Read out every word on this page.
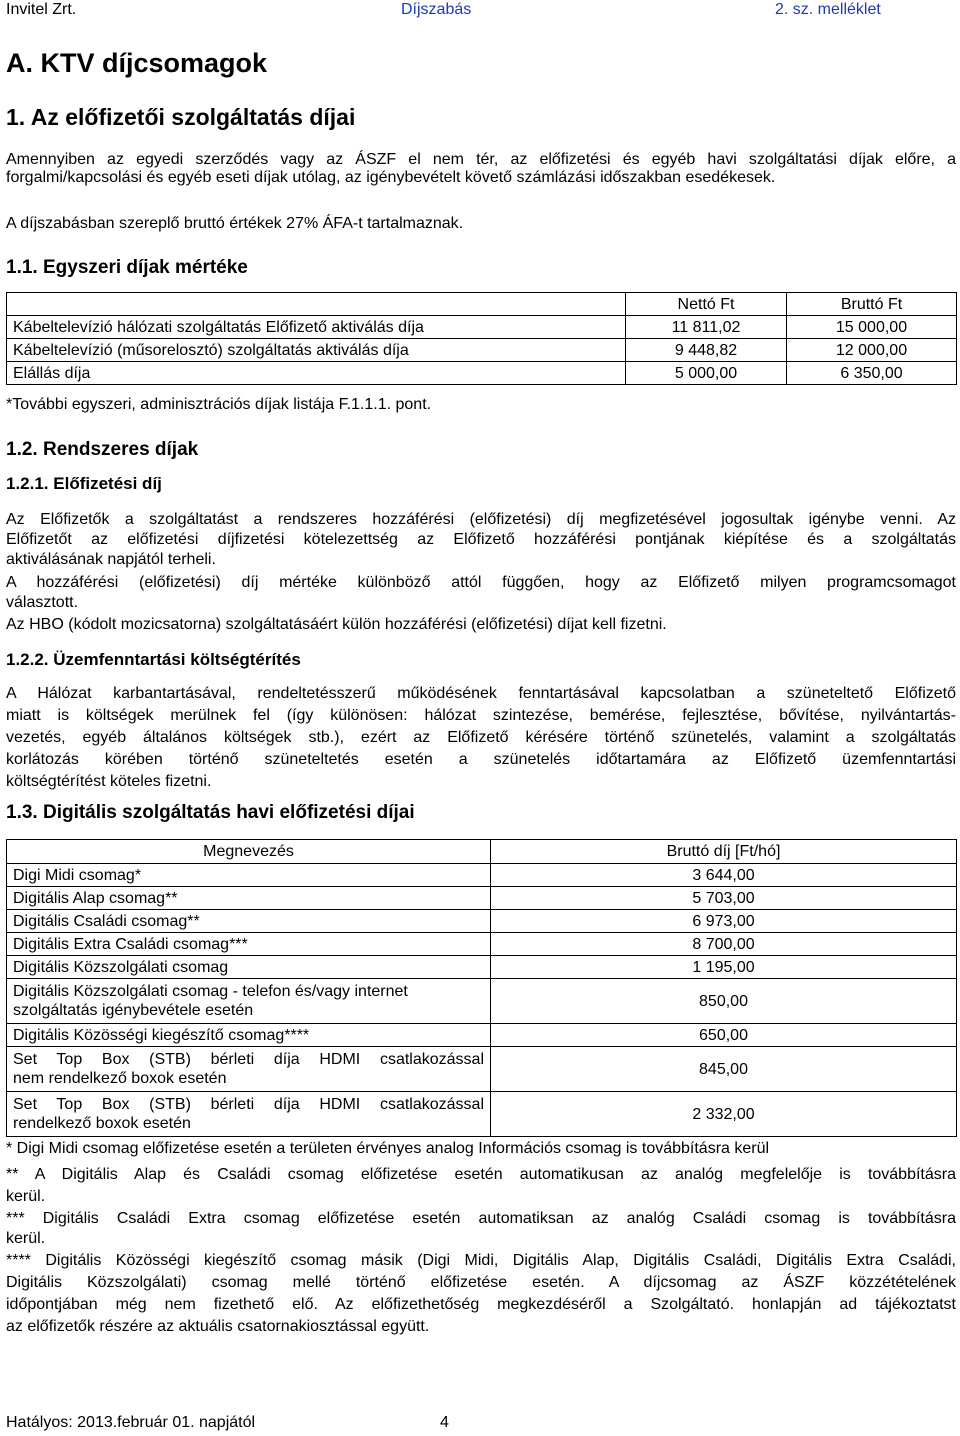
Invitel Zrt.	Díjszabás	2. sz. melléklet
A. KTV díjcsomagok
1. Az előfizetői szolgáltatás díjai
Amennyiben az egyedi szerződés vagy az ÁSZF el nem tér, az előfizetési és egyéb havi szolgáltatási díjak előre, a
forgalmi/kapcsolási és egyéb eseti díjak utólag, az igénybevételt követő számlázási időszakban esedékesek.
A díjszabásban szereplő bruttó értékek 27% ÁFA-t tartalmaznak.
1.1. Egyszeri díjak mértéke
	Nettó Ft	Bruttó Ft
Kábeltelevízió hálózati szolgáltatás Előfizető aktiválás díja	11 811,02	15 000,00
Kábeltelevízió (műsorelosztó) szolgáltatás aktiválás díja	9 448,82	12 000,00
Elállás díja	5 000,00	6 350,00
*További egyszeri, adminisztrációs díjak listája F.1.1.1. pont.
1.2. Rendszeres díjak
1.2.1. Előfizetési díj
Az Előfizetők a szolgáltatást a rendszeres hozzáférési (előfizetési) díj megfizetésével jogosultak igénybe venni. Az
Előfizetőt az előfizetési díjfizetési kötelezettség az Előfizető hozzáférési pontjának kiépítése és a szolgáltatás
aktiválásának napjától terheli.
A hozzáférési (előfizetési) díj mértéke különböző attól függően, hogy az Előfizető milyen programcsomagot
választott.
Az HBO (kódolt mozicsatorna) szolgáltatásáért külön hozzáférési (előfizetési) díjat kell fizetni.
1.2.2. Üzemfenntartási költségtérítés
A Hálózat karbantartásával, rendeltetésszerű működésének fenntartásával kapcsolatban a szüneteltető Előfizető
miatt is költségek merülnek fel (így különösen: hálózat szintezése, bemérése, fejlesztése, bővítése, nyilvántartás-
vezetés, egyéb általános költségek stb.), ezért az Előfizető kérésére történő szünetelés, valamint a szolgáltatás
korlátozás körében történő szüneteltetés esetén a szünetelés időtartamára az Előfizető üzemfenntartási
költségtérítést köteles fizetni.
1.3. Digitális szolgáltatás havi előfizetési díjai
Megnevezés	Bruttó díj [Ft/hó]
Digi Midi csomag*	3 644,00
Digitális Alap csomag**	5 703,00
Digitális Családi csomag**	6 973,00
Digitális Extra Családi csomag***	8 700,00
Digitális Közszolgálati csomag	1 195,00
Digitális Közszolgálati csomag - telefon és/vagy internet
szolgáltatás igénybevétele esetén	850,00
Digitális Közösségi kiegészítő csomag****	650,00

Set Top Box (STB) bérleti díja HDMI csatlakozással
nem rendelkező boxok esetén	845,00

Set Top Box (STB) bérleti díja HDMI csatlakozással
rendelkező boxok esetén	2 332,00
* Digi Midi csomag előfizetése esetén a területen érvényes analog Információs csomag is továbbításra kerül
** A Digitális Alap és Családi csomag előfizetése esetén automatikusan az analóg megfelelője is továbbításra
kerül.
*** Digitális Családi Extra csomag előfizetése esetén automatiksan az analóg Családi csomag is továbbításra
kerül.
**** Digitális Közösségi kiegészítő csomag másik (Digi Midi, Digitális Alap, Digitális Családi, Digitális Extra Családi,
Digitális Közszolgálati) csomag mellé történő előfizetése esetén. A díjcsomag az ÁSZF közzétételének
időpontjában még nem fizethető elő. Az előfizethetőség megkezdéséről a Szolgáltató. honlapján ad tájékoztatst
az előfizetők részére az aktuális csatornakiosztással együtt.
Hatályos: 2013.február 01. napjától	4
